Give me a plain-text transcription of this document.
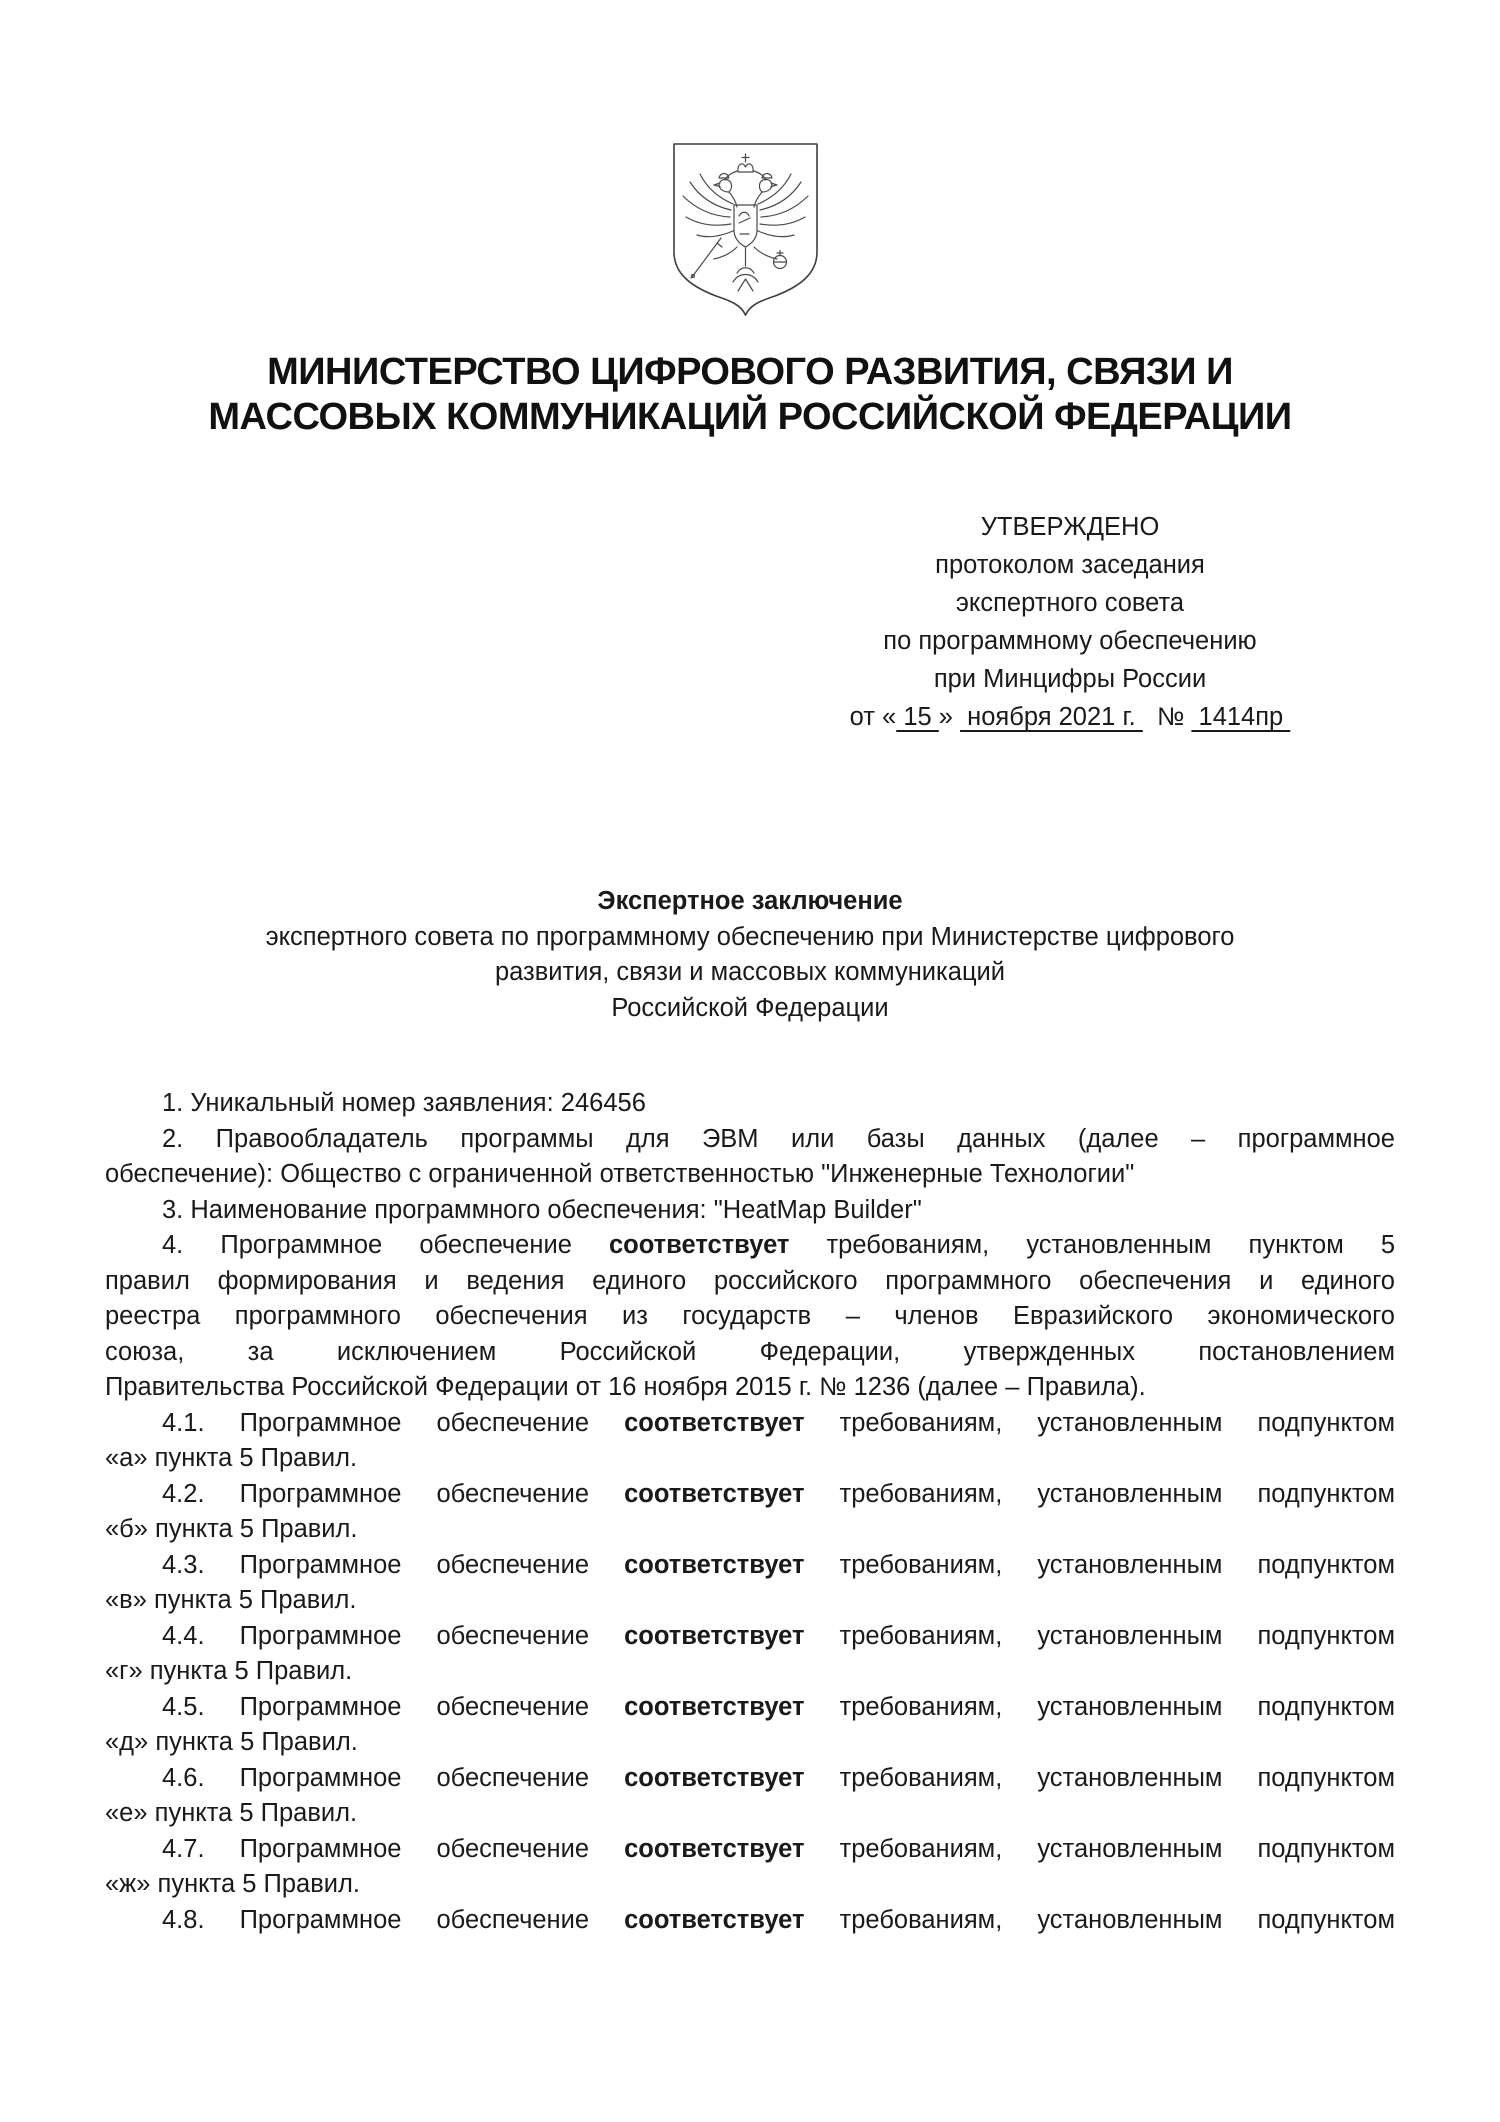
МИНИСТЕРСТВО ЦИФРОВОГО РАЗВИТИЯ, СВЯЗИ И
МАССОВЫХ КОММУНИКАЦИЙ РОССИЙСКОЙ ФЕДЕРАЦИИ
УТВЕРЖДЕНО
протоколом заседания
экспертного совета
по программному обеспечению
при Минцифры России
от « 15 »  ноября 2021 г.   №  1414пр
Экспертное заключение
экспертного совета по программному обеспечению при Министерстве цифрового
развития, связи и массовых коммуникаций
Российской Федерации
1. Уникальный номер заявления: 246456
2. Правообладатель программы для ЭВМ или базы данных (далее – программное
обеспечение): Общество с ограниченной ответственностью "Инженерные Технологии"
3. Наименование программного обеспечения: "HeatMap Builder"
4. Программное обеспечение соответствует требованиям, установленным пунктом 5
правил формирования и ведения единого российского программного обеспечения и единого
реестра программного обеспечения из государств – членов Евразийского экономического
союза, за исключением Российской Федерации, утвержденных постановлением
Правительства Российской Федерации от 16 ноября 2015 г. № 1236 (далее – Правила).
4.1. Программное обеспечение соответствует требованиям, установленным подпунктом
«а» пункта 5 Правил.
4.2. Программное обеспечение соответствует требованиям, установленным подпунктом
«б» пункта 5 Правил.
4.3. Программное обеспечение соответствует требованиям, установленным подпунктом
«в» пункта 5 Правил.
4.4. Программное обеспечение соответствует требованиям, установленным подпунктом
«г» пункта 5 Правил.
4.5. Программное обеспечение соответствует требованиям, установленным подпунктом
«д» пункта 5 Правил.
4.6. Программное обеспечение соответствует требованиям, установленным подпунктом
«е» пункта 5 Правил.
4.7. Программное обеспечение соответствует требованиям, установленным подпунктом
«ж» пункта 5 Правил.
4.8. Программное обеспечение соответствует требованиям, установленным подпунктом
